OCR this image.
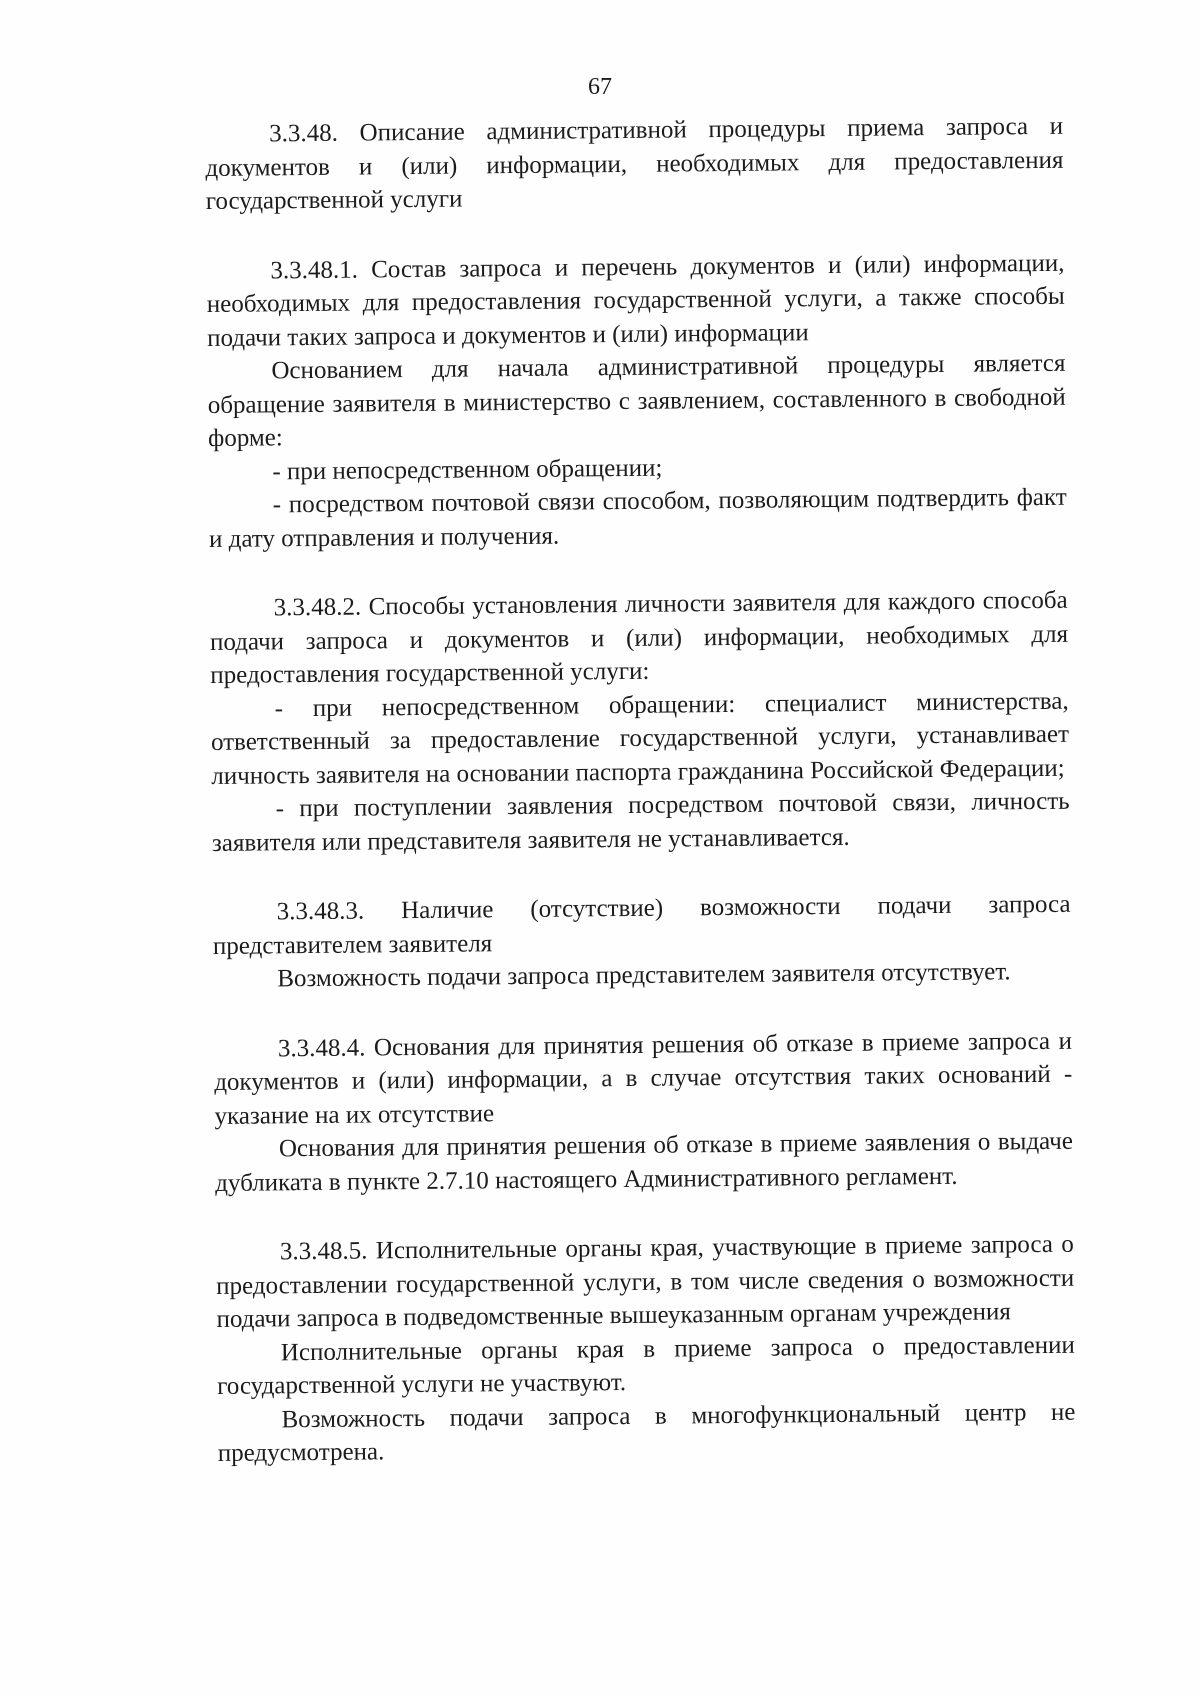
67

3.3.48. Описание административной процедуры приема запроса и документов и (или) информации, необходимых для предоставления государственной услуги

3.3.48.1. Состав запроса и перечень документов и (или) информации, необходимых для предоставления государственной услуги, а также способы подачи таких запроса и документов и (или) информации

Основанием для начала административной процедуры является обращение заявителя в министерство с заявлением, составленного в свободной форме:

- при непосредственном обращении;

- посредством почтовой связи способом, позволяющим подтвердить факт и дату отправления и получения.

3.3.48.2. Способы установления личности заявителя для каждого способа подачи запроса и документов и (или) информации, необходимых для предоставления государственной услуги:

- при непосредственном обращении: специалист министерства, ответственный за предоставление государственной услуги, устанавливает личность заявителя на основании паспорта гражданина Российской Федерации;

- при поступлении заявления посредством почтовой связи, личность заявителя или представителя заявителя не устанавливается.

3.3.48.3. Наличие (отсутствие) возможности подачи запроса представителем заявителя

Возможность подачи запроса представителем заявителя отсутствует.

3.3.48.4. Основания для принятия решения об отказе в приеме запроса и документов и (или) информации, а в случае отсутствия таких оснований - указание на их отсутствие

Основания для принятия решения об отказе в приеме заявления о выдаче дубликата в пункте 2.7.10 настоящего Административного регламент.

3.3.48.5. Исполнительные органы края, участвующие в приеме запроса о предоставлении государственной услуги, в том числе сведения о возможности подачи запроса в подведомственные вышеуказанным органам учреждения

Исполнительные органы края в приеме запроса о предоставлении государственной услуги не участвуют.

Возможность подачи запроса в многофункциональный центр не предусмотрена.
